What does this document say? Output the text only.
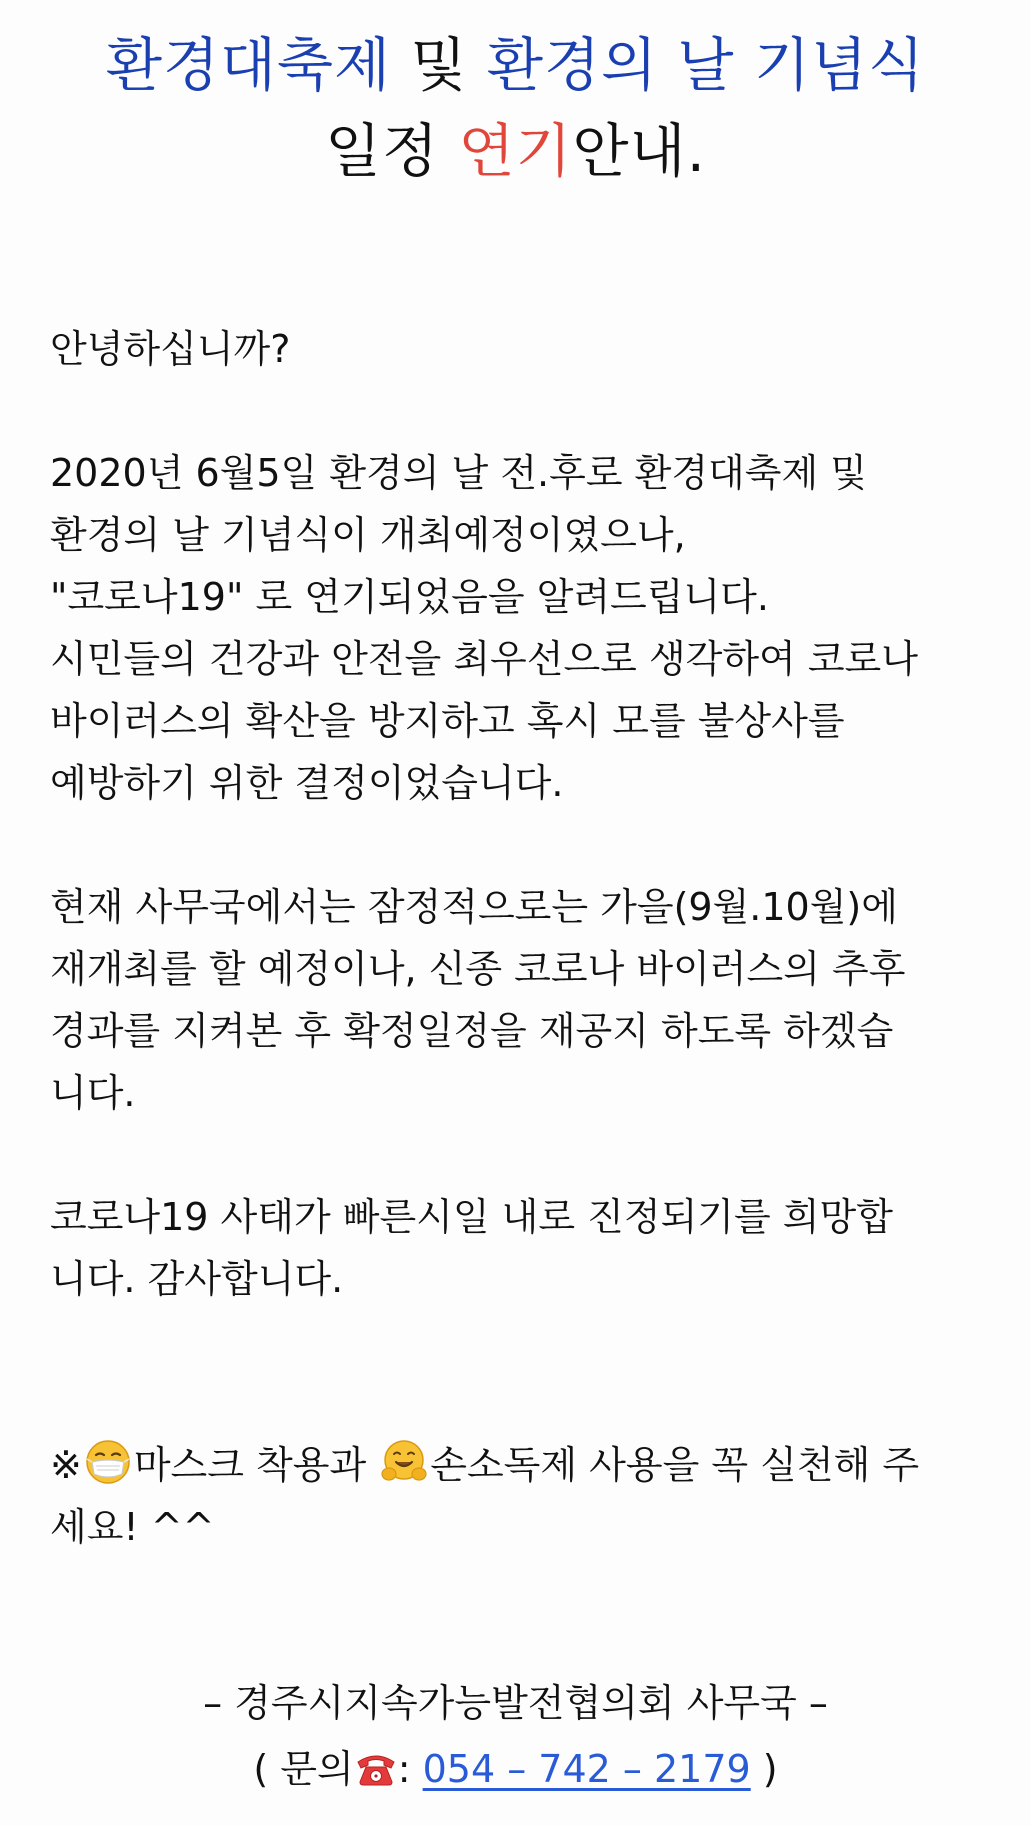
환경대축제 및 환경의 날 기념식
일정 연기안내.

안녕하십니까?

2020년 6월5일 환경의 날 전.후로 환경대축제 및
환경의 날 기념식이 개최예정이였으나,
"코로나19" 로 연기되었음을 알려드립니다.
시민들의 건강과 안전을 최우선으로 생각하여 코로나
바이러스의 확산을 방지하고 혹시 모를 불상사를
예방하기 위한 결정이었습니다.

현재 사무국에서는 잠정적으로는 가을(9월.10월)에
재개최를 할 예정이나, 신종 코로나 바이러스의 추후
경과를 지켜본 후 확정일정을 재공지 하도록 하겠습
니다.

코로나19 사태가 빠른시일 내로 진정되기를 희망합
니다. 감사합니다.

※ 마스크 착용과 손소독제 사용을 꼭 실천해 주
세요! ^^

– 경주시지속가능발전협의회 사무국 –
( 문의 : 054 – 742 – 2179 )
